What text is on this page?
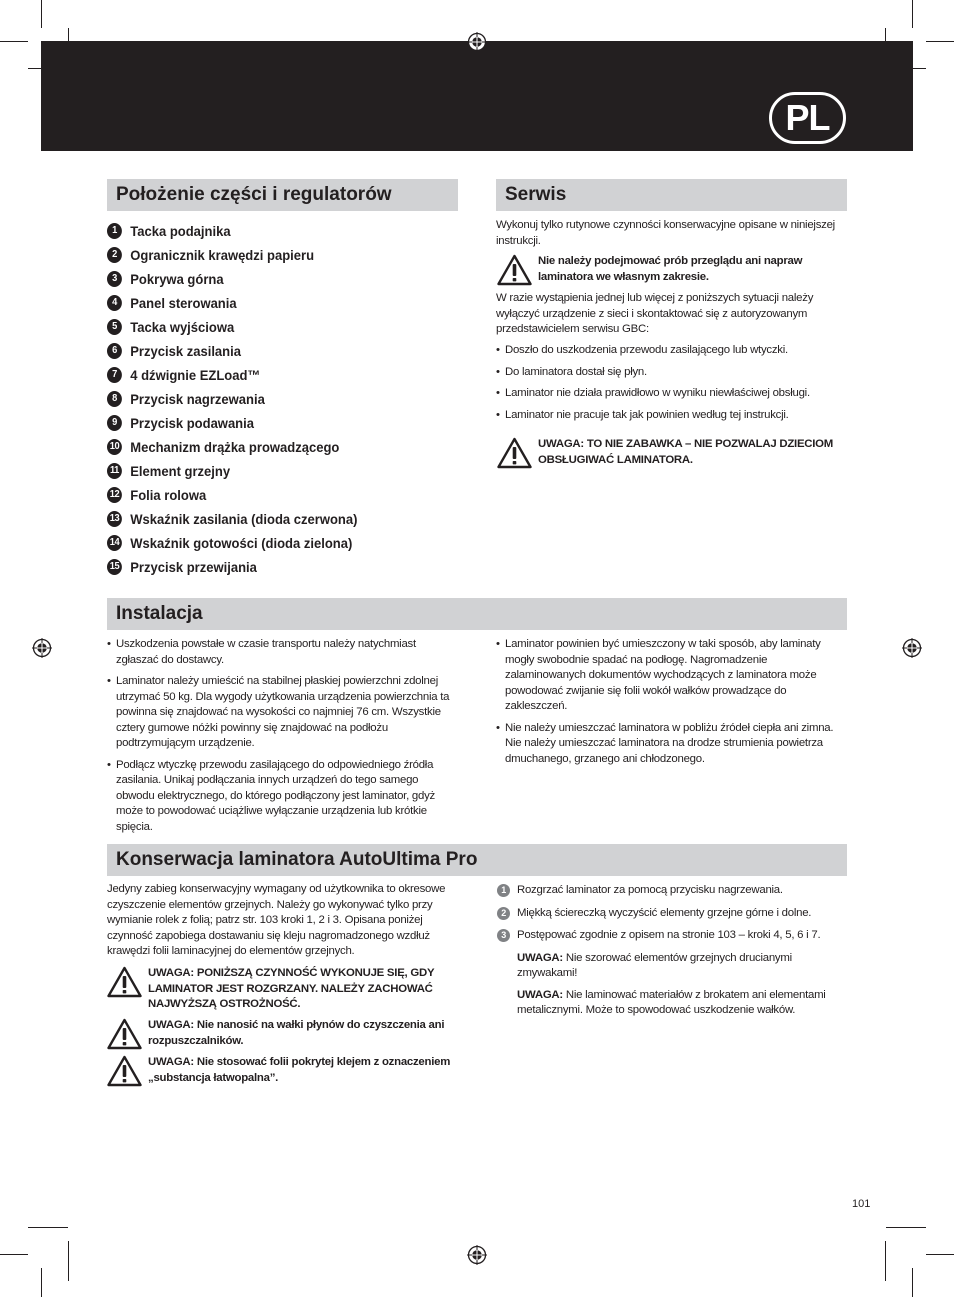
PL
Położenie części i regulatorów
1 Tacka podajnika
2 Ogranicznik krawędzi papieru
3 Pokrywa górna
4 Panel sterowania
5 Tacka wyjściowa
6 Przycisk zasilania
7 4 dźwignie EZLoad™
8 Przycisk nagrzewania
9 Przycisk podawania
10 Mechanizm drążka prowadzącego
11 Element grzejny
12 Folia rolowa
13 Wskaźnik zasilania (dioda czerwona)
14 Wskaźnik gotowości (dioda zielona)
15 Przycisk przewijania
Serwis
Wykonuj tylko rutynowe czynności konserwacyjne opisane w niniejszej instrukcji.
Nie należy podejmować prób przeglądu ani napraw laminatora we własnym zakresie.
W razie wystąpienia jednej lub więcej z poniższych sytuacji należy wyłączyć urządzenie z sieci i skontaktować się z autoryzowanym przedstawicielem serwisu GBC:
• Doszło do uszkodzenia przewodu zasilającego lub wtyczki.
• Do laminatora dostał się płyn.
• Laminator nie działa prawidłowo w wyniku niewłaściwej obsługi.
• Laminator nie pracuje tak jak powinien według tej instrukcji.
UWAGA: TO NIE ZABAWKA – NIE POZWALAJ DZIECIOM OBSŁUGIWAĆ LAMINATORA.
Instalacja
• Uszkodzenia powstałe w czasie transportu należy natychmiast zgłaszać do dostawcy.
• Laminator należy umieścić na stabilnej płaskiej powierzchni zdolnej utrzymać 50 kg. Dla wygody użytkowania urządzenia powierzchnia ta powinna się znajdować na wysokości co najmniej 76 cm. Wszystkie cztery gumowe nóżki powinny się znajdować na podłożu podtrzymującym urządzenie.
• Podłącz wtyczkę przewodu zasilającego do odpowiedniego źródła zasilania. Unikaj podłączania innych urządzeń do tego samego obwodu elektrycznego, do którego podłączony jest laminator, gdyż może to powodować uciążliwe wyłączanie urządzenia lub krótkie spięcia.
• Laminator powinien być umieszczony w taki sposób, aby laminaty mogły swobodnie spadać na podłogę. Nagromadzenie zalaminowanych dokumentów wychodzących z laminatora może powodować zwijanie się folii wokół wałków prowadzące do zakleszczeń.
• Nie należy umieszczać laminatora w pobliżu źródeł ciepła ani zimna. Nie należy umieszczać laminatora na drodze strumienia powietrza dmuchanego, grzanego ani chłodzonego.
Konserwacja laminatora AutoUltima Pro
Jedyny zabieg konserwacyjny wymagany od użytkownika to okresowe czyszczenie elementów grzejnych. Należy go wykonywać tylko przy wymianie rolek z folią; patrz str. 103 kroki 1, 2 i 3. Opisana poniżej czynność zapobiega dostawaniu się kleju nagromadzonego wzdłuż krawędzi folii laminacyjnej do elementów grzejnych.
UWAGA: PONIŻSZĄ CZYNNOŚĆ WYKONUJE SIĘ, GDY LAMINATOR JEST ROZGRZANY. NALEŻY ZACHOWAĆ NAJWYŻSZĄ OSTROŻNOŚĆ.
UWAGA: Nie nanosić na wałki płynów do czyszczenia ani rozpuszczalników.
UWAGA: Nie stosować folii pokrytej klejem z oznaczeniem „substancja łatwopalna”.
1 Rozgrzać laminator za pomocą przycisku nagrzewania.
2 Miękką ściereczką wyczyścić elementy grzejne górne i dolne.
3 Postępować zgodnie z opisem na stronie 103 – kroki 4, 5, 6 i 7.
UWAGA: Nie szorować elementów grzejnych drucianymi zmywakami!
UWAGA: Nie laminować materiałów z brokatem ani elementami metalicznymi. Może to spowodować uszkodzenie wałków.
101
